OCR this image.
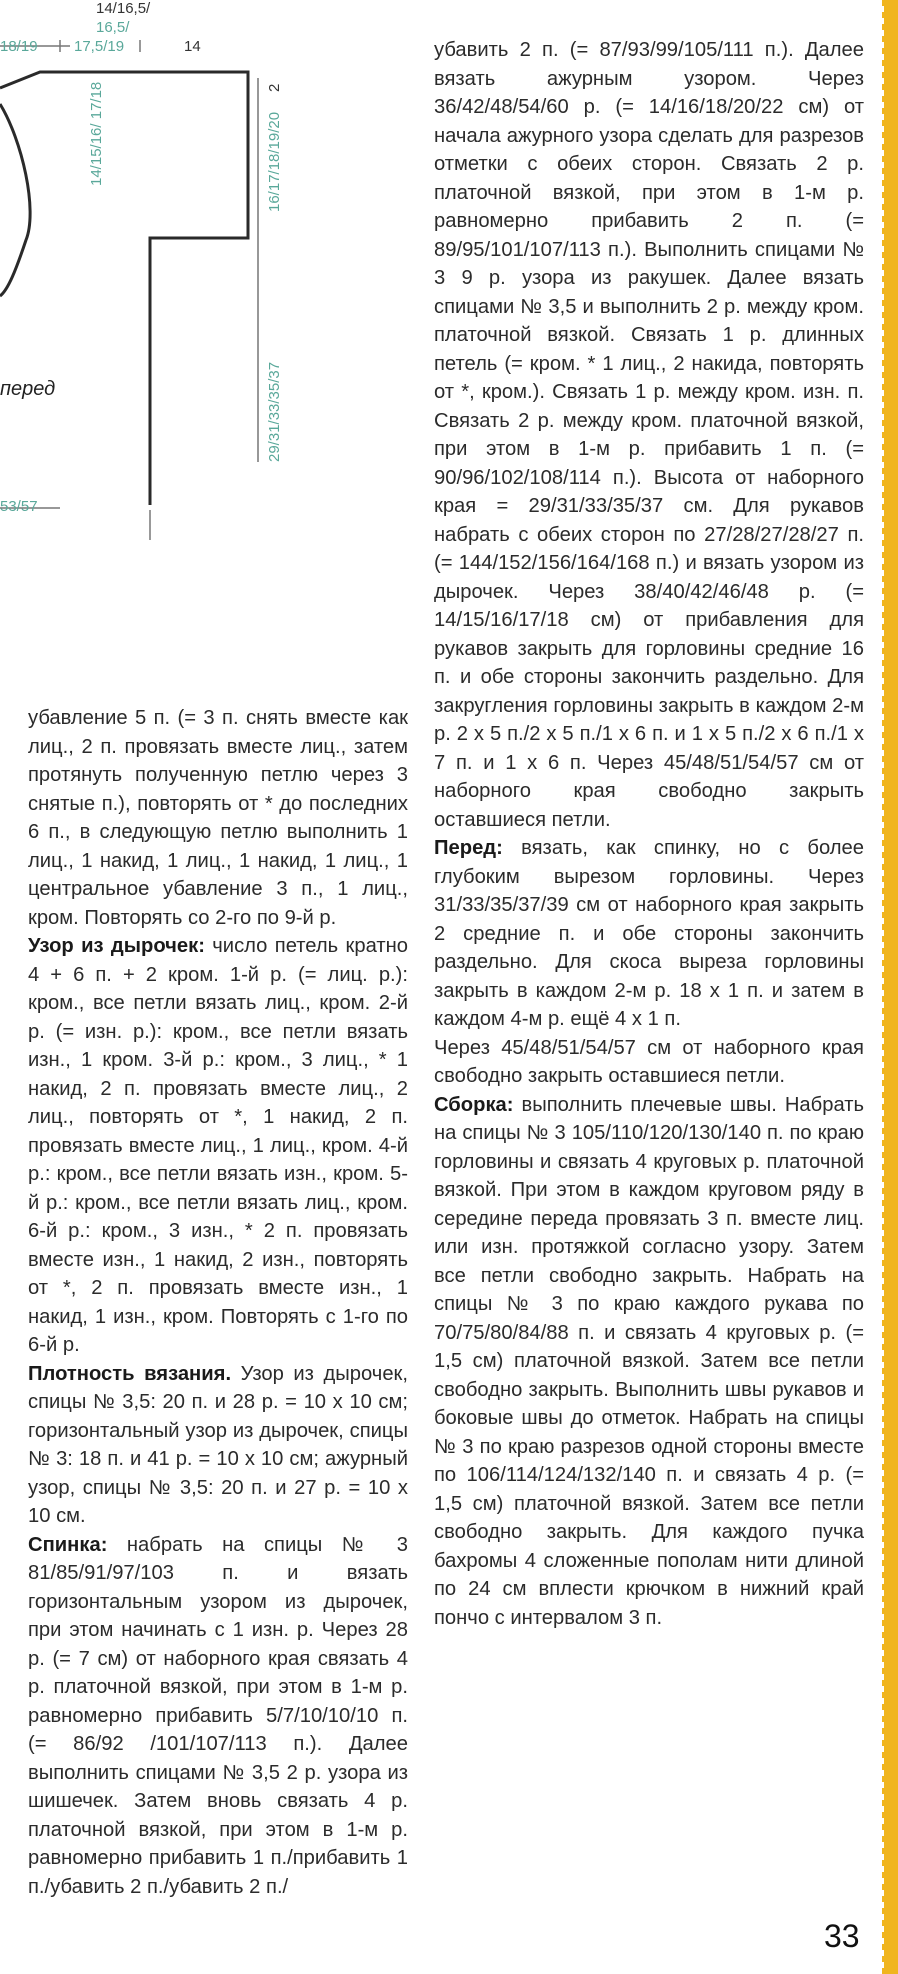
14/16,5/
16,5/
18/19 17,5/19	14
14/15/16/ 17/18	2
16/17/18/19/20
29/31/33/35/37
перед
53/57

убавить 2 п. (= 87/93/99/105/111 п.). Далее вязать ажурным узором. Через 36/42/48/54/60 р. (= 14/16/18/20/22 см) от начала ажурного узора сделать для разрезов отметки с обеих сторон. Связать 2 р. платочной вязкой, при этом в 1-м р. равномерно прибавить 2 п. (= 89/95/101/107/113 п.). Выполнить спицами № 3 9 р. узора из ракушек. Далее вязать спицами № 3,5 и выполнить 2 р. между кром. платочной вязкой. Связать 1 р. длинных петель (= кром. * 1 лиц., 2 накида, повторять от *, кром.). Связать 1 р. между кром. изн. п. Связать 2 р. между кром. платочной вязкой, при этом в 1-м р. прибавить 1 п. (= 90/96/102/108/114 п.). Высота от наборного края = 29/31/33/35/37 см. Для рукавов набрать с обеих сторон по 27/28/27/28/27 п. (= 144/152/156/164/168 п.) и вязать узором из дырочек. Через 38/40/42/46/48 р. (= 14/15/16/17/18 см) от прибавления для рукавов закрыть для горловины средние 16 п. и обе стороны закончить раздельно. Для закругления горловины закрыть в каждом 2-м р. 2 x 5 п./2 x 5 п./1 x 6 п. и 1 x 5 п./2 x 6 п./1 x 7 п. и 1 x 6 п. Через 45/48/51/54/57 см от наборного края свободно закрыть оставшиеся петли.

Перед: вязать, как спинку, но с более глубоким вырезом горловины. Через 31/33/35/37/39 см от наборного края закрыть 2 средние п. и обе стороны закончить раздельно. Для скоса выреза горловины закрыть в каждом 2-м р. 18 x 1 п. и затем в каждом 4-м р. ещё 4 x 1 п.

Через 45/48/51/54/57 см от наборного края свободно закрыть оставшиеся петли.

Сборка: выполнить плечевые швы. Набрать на спицы № 3 105/110/120/130/140 п. по краю горловины и связать 4 круговых р. платочной вязкой. При этом в каждом круговом ряду в середине переда провязать 3 п. вместе лиц. или изн. протяжкой согласно узору. Затем все петли свободно закрыть. Набрать на спицы № 3 по краю каждого рукава по 70/75/80/84/88 п. и связать 4 круговых р. (= 1,5 см) платочной вязкой. Затем все петли свободно закрыть. Выполнить швы рукавов и боковые швы до отметок. Набрать на спицы № 3 по краю разрезов одной стороны вместе по 106/114/124/132/140 п. и связать 4 р. (= 1,5 см) платочной вязкой. Затем все петли свободно закрыть. Для каждого пучка бахромы 4 сложенные пополам нити длиной по 24 см вплести крючком в нижний край пончо с интервалом 3 п.

убавление 5 п. (= 3 п. снять вместе как лиц., 2 п. провязать вместе лиц., затем протянуть полученную петлю через 3 снятые п.), повторять от * до последних 6 п., в следующую петлю выполнить 1 лиц., 1 накид, 1 лиц., 1 накид, 1 лиц., 1 центральное убавление 3 п., 1 лиц., кром. Повторять со 2-го по 9-й р.

Узор из дырочек: число петель кратно 4 + 6 п. + 2 кром. 1-й р. (= лиц. р.): кром., все петли вязать лиц., кром. 2-й р. (= изн. р.): кром., все петли вязать изн., 1 кром. 3-й р.: кром., 3 лиц., * 1 накид, 2 п. провязать вместе лиц., 2 лиц., повторять от *, 1 накид, 2 п. провязать вместе лиц., 1 лиц., кром. 4-й р.: кром., все петли вязать изн., кром. 5-й р.: кром., все петли вязать лиц., кром. 6-й р.: кром., 3 изн., * 2 п. провязать вместе изн., 1 накид, 2 изн., повторять от *, 2 п. провязать вместе изн., 1 накид, 1 изн., кром. Повторять с 1-го по 6-й р.

Плотность вязания. Узор из дырочек, спицы № 3,5: 20 п. и 28 р. = 10 x 10 см; горизонтальный узор из дырочек, спицы № 3: 18 п. и 41 р. = 10 x 10 см; ажурный узор, спицы № 3,5: 20 п. и 27 р. = 10 x 10 см.

Спинка: набрать на спицы № 3 81/85/91/97/103 п. и вязать горизонтальным узором из дырочек, при этом начинать с 1 изн. р. Через 28 р. (= 7 см) от наборного края связать 4 р. платочной вязкой, при этом в 1-м р. равномерно прибавить 5/7/10/10/10 п. (= 86/92 /101/107/113 п.). Далее выполнить спицами № 3,5 2 р. узора из шишечек. Затем вновь связать 4 р. платочной вязкой, при этом в 1-м р. равномерно прибавить 1 п./прибавить 1 п./убавить 2 п./убавить 2 п./

33
